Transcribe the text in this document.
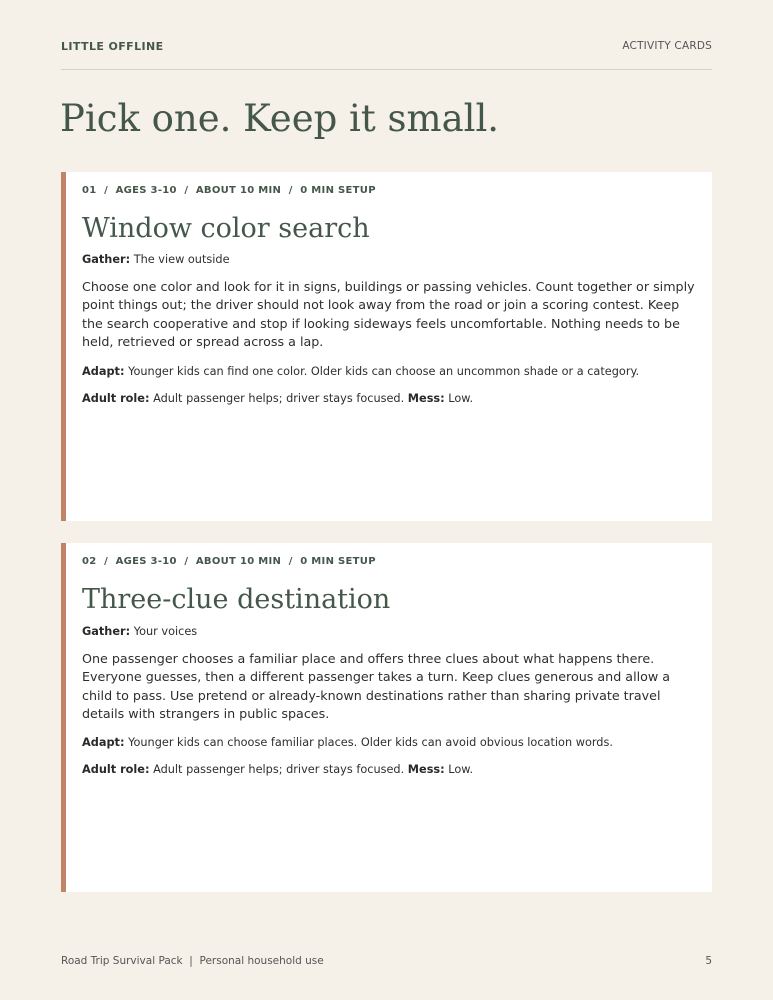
LITTLE OFFLINE	ACTIVITY CARDS
Pick one. Keep it small.
01  /  AGES 3-10  /  ABOUT 10 MIN  /  0 MIN SETUP
Window color search
Gather: The view outside
Choose one color and look for it in signs, buildings or passing vehicles. Count together or simply point things out; the driver should not look away from the road or join a scoring contest. Keep the search cooperative and stop if looking sideways feels uncomfortable. Nothing needs to be held, retrieved or spread across a lap.
Adapt: Younger kids can find one color. Older kids can choose an uncommon shade or a category.
Adult role: Adult passenger helps; driver stays focused. Mess: Low.
02  /  AGES 3-10  /  ABOUT 10 MIN  /  0 MIN SETUP
Three-clue destination
Gather: Your voices
One passenger chooses a familiar place and offers three clues about what happens there. Everyone guesses, then a different passenger takes a turn. Keep clues generous and allow a child to pass. Use pretend or already-known destinations rather than sharing private travel details with strangers in public spaces.
Adapt: Younger kids can choose familiar places. Older kids can avoid obvious location words.
Adult role: Adult passenger helps; driver stays focused. Mess: Low.
Road Trip Survival Pack  |  Personal household use	5
